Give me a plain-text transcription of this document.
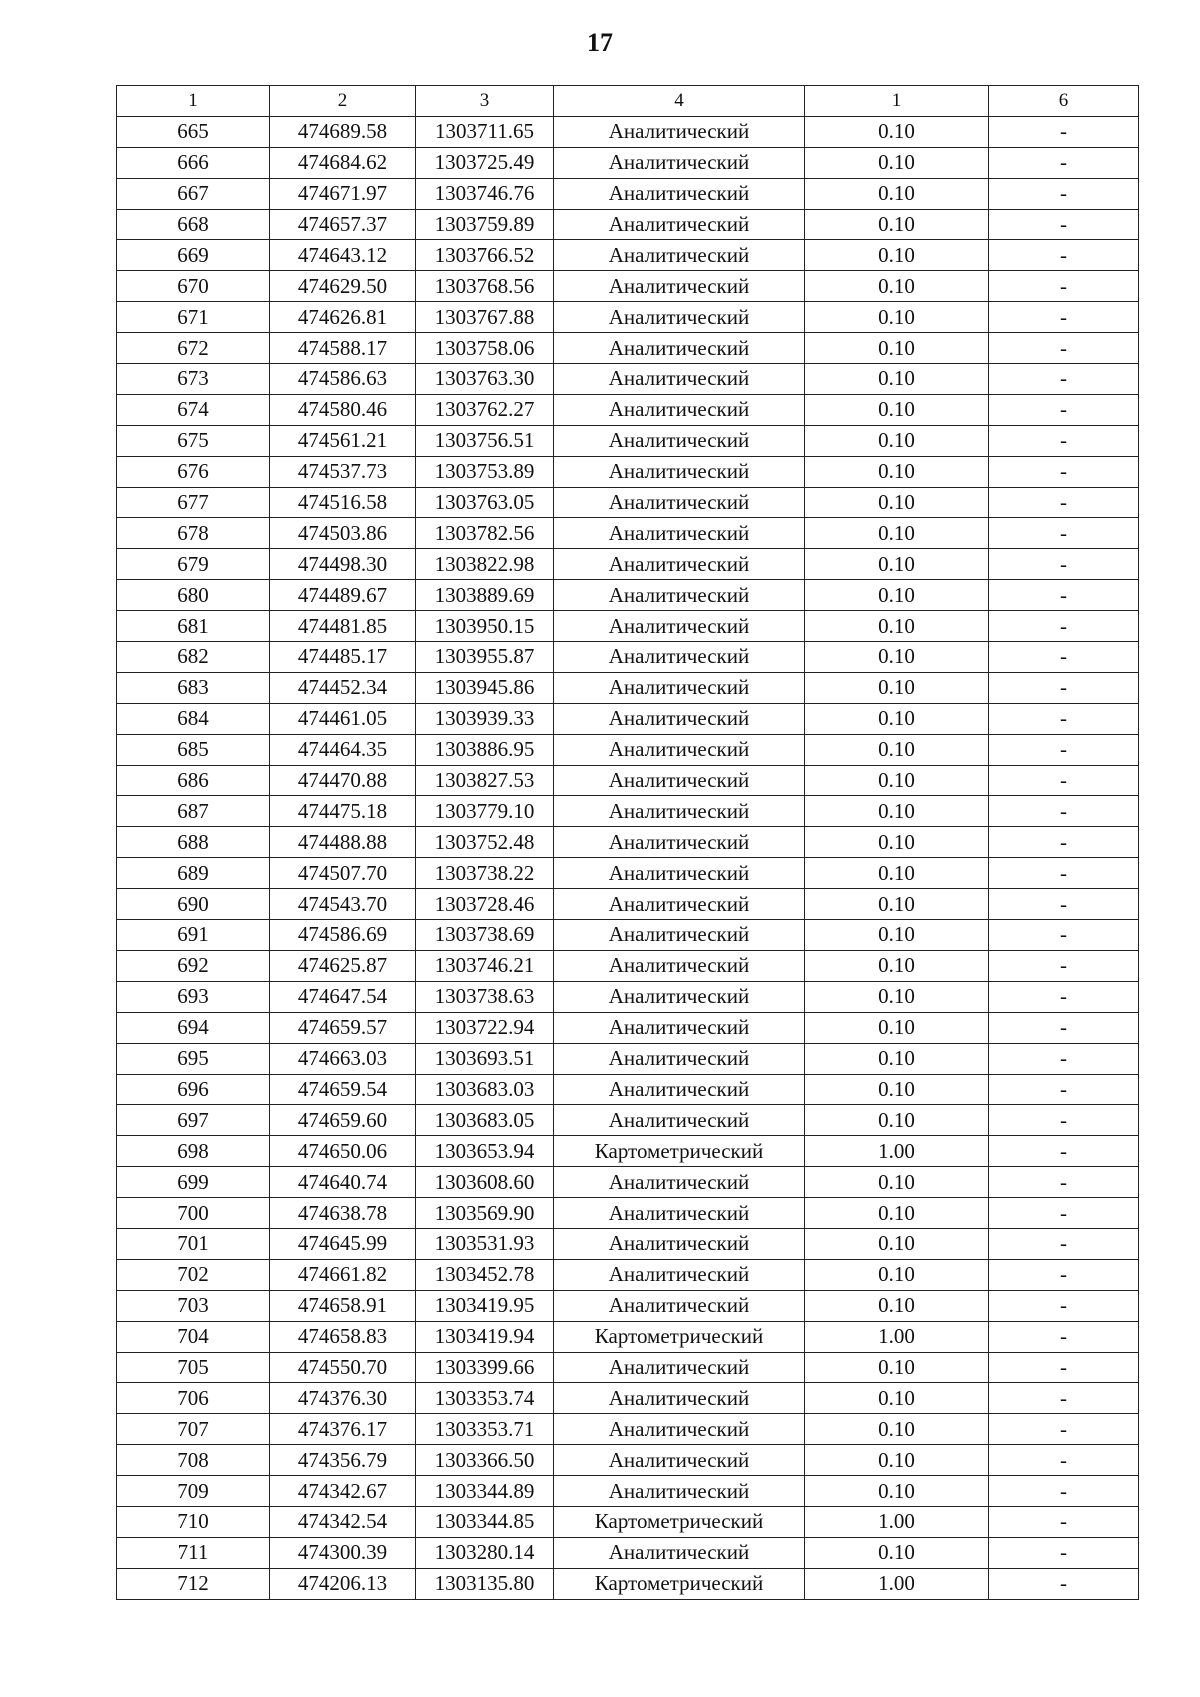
17
1	2	3	4	1	6
665	474689.58	1303711.65	Аналитический	0.10	-
666	474684.62	1303725.49	Аналитический	0.10	-
667	474671.97	1303746.76	Аналитический	0.10	-
668	474657.37	1303759.89	Аналитический	0.10	-
669	474643.12	1303766.52	Аналитический	0.10	-
670	474629.50	1303768.56	Аналитический	0.10	-
671	474626.81	1303767.88	Аналитический	0.10	-
672	474588.17	1303758.06	Аналитический	0.10	-
673	474586.63	1303763.30	Аналитический	0.10	-
674	474580.46	1303762.27	Аналитический	0.10	-
675	474561.21	1303756.51	Аналитический	0.10	-
676	474537.73	1303753.89	Аналитический	0.10	-
677	474516.58	1303763.05	Аналитический	0.10	-
678	474503.86	1303782.56	Аналитический	0.10	-
679	474498.30	1303822.98	Аналитический	0.10	-
680	474489.67	1303889.69	Аналитический	0.10	-
681	474481.85	1303950.15	Аналитический	0.10	-
682	474485.17	1303955.87	Аналитический	0.10	-
683	474452.34	1303945.86	Аналитический	0.10	-
684	474461.05	1303939.33	Аналитический	0.10	-
685	474464.35	1303886.95	Аналитический	0.10	-
686	474470.88	1303827.53	Аналитический	0.10	-
687	474475.18	1303779.10	Аналитический	0.10	-
688	474488.88	1303752.48	Аналитический	0.10	-
689	474507.70	1303738.22	Аналитический	0.10	-
690	474543.70	1303728.46	Аналитический	0.10	-
691	474586.69	1303738.69	Аналитический	0.10	-
692	474625.87	1303746.21	Аналитический	0.10	-
693	474647.54	1303738.63	Аналитический	0.10	-
694	474659.57	1303722.94	Аналитический	0.10	-
695	474663.03	1303693.51	Аналитический	0.10	-
696	474659.54	1303683.03	Аналитический	0.10	-
697	474659.60	1303683.05	Аналитический	0.10	-
698	474650.06	1303653.94	Картометрический	1.00	-
699	474640.74	1303608.60	Аналитический	0.10	-
700	474638.78	1303569.90	Аналитический	0.10	-
701	474645.99	1303531.93	Аналитический	0.10	-
702	474661.82	1303452.78	Аналитический	0.10	-
703	474658.91	1303419.95	Аналитический	0.10	-
704	474658.83	1303419.94	Картометрический	1.00	-
705	474550.70	1303399.66	Аналитический	0.10	-
706	474376.30	1303353.74	Аналитический	0.10	-
707	474376.17	1303353.71	Аналитический	0.10	-
708	474356.79	1303366.50	Аналитический	0.10	-
709	474342.67	1303344.89	Аналитический	0.10	-
710	474342.54	1303344.85	Картометрический	1.00	-
711	474300.39	1303280.14	Аналитический	0.10	-
712	474206.13	1303135.80	Картометрический	1.00	-
